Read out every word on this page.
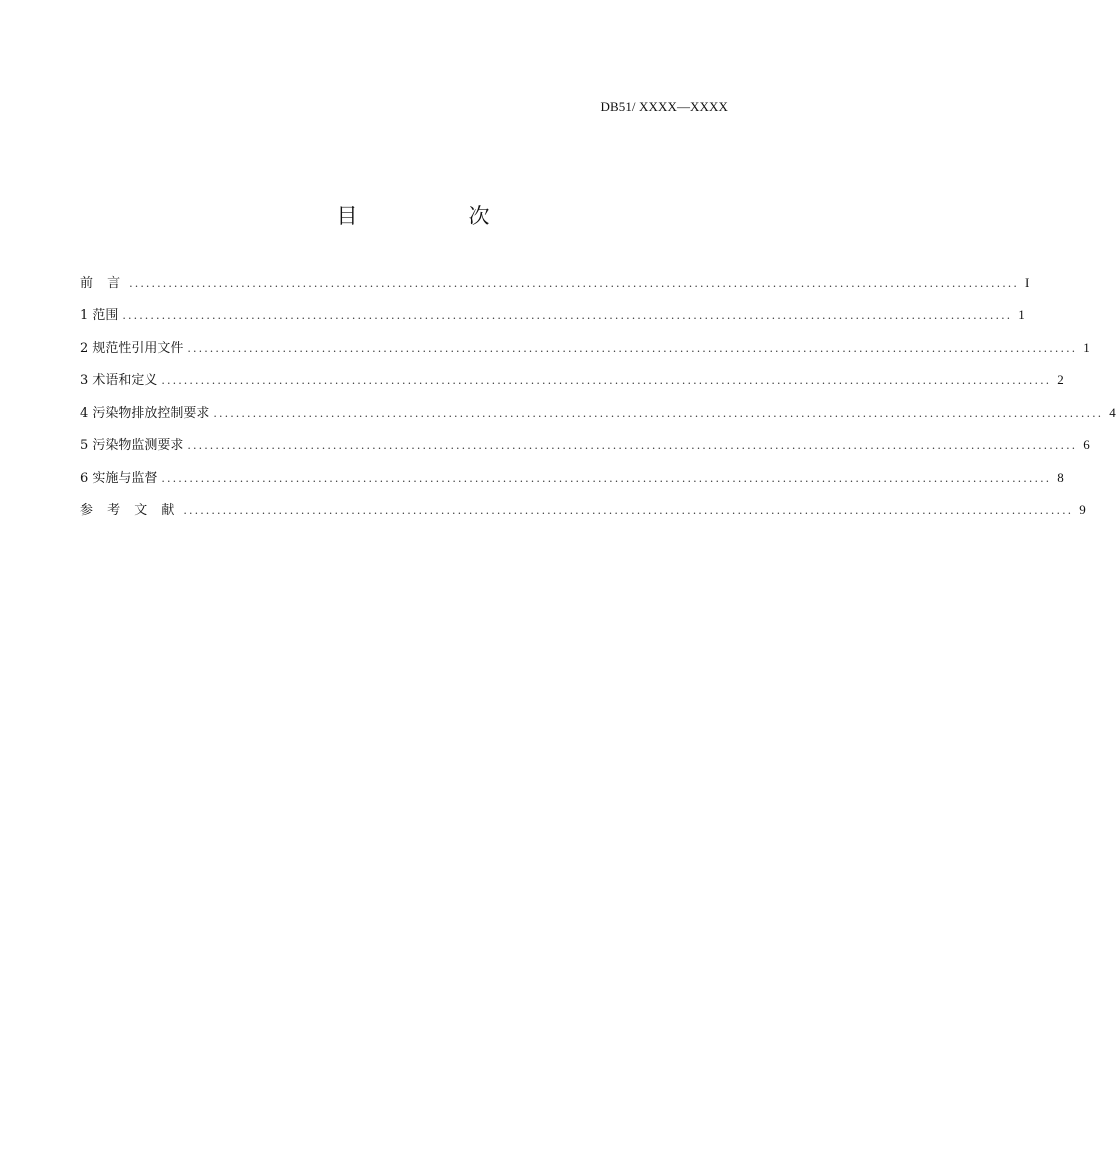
DB51/ XXXX—XXXX
目　次
前 言 ............................................................................................................................................................... I
1 范围 ............................................................................................................................................................... 1
2 规范性引用文件 ............................................................................................................................................................... 1
3 术语和定义 ............................................................................................................................................................... 2
4 污染物排放控制要求 ............................................................................................................................................................... 4
5 污染物监测要求 ............................................................................................................................................................... 6
6 实施与监督 ............................................................................................................................................................... 8
参 考 文 献 ............................................................................................................................................................... 9
